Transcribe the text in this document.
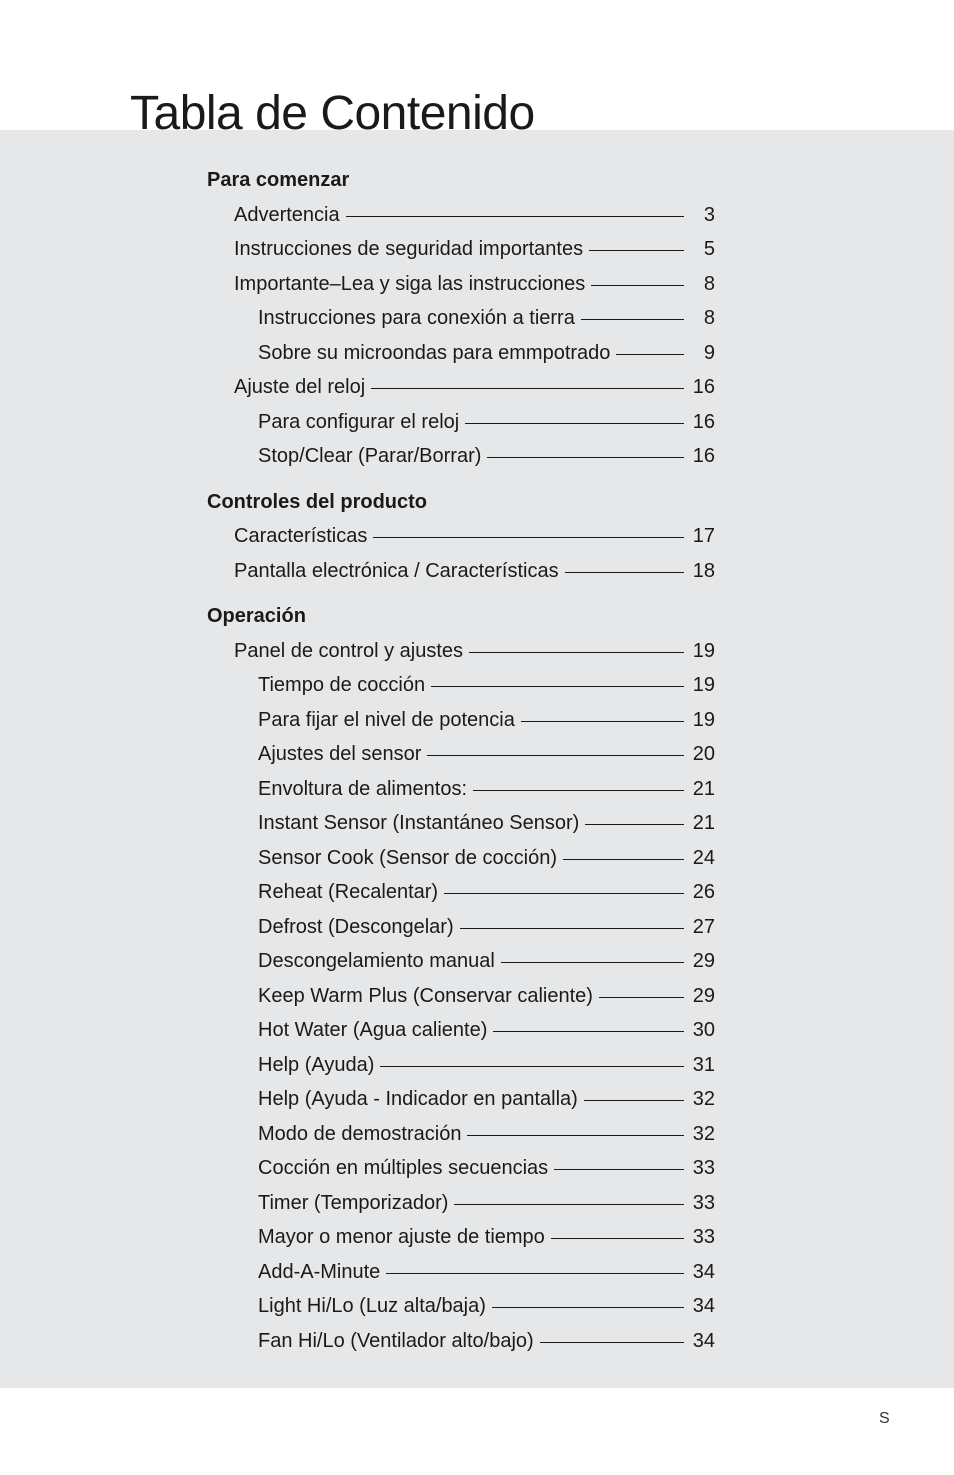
Tabla de Contenido
Para comenzar
Advertencia	3
Instrucciones de seguridad importantes	5
Importante–Lea y siga las instrucciones	8
Instrucciones para conexión a tierra	8
Sobre su microondas para emmpotrado	9
Ajuste del reloj	16
Para configurar el reloj	16
Stop/Clear (Parar/Borrar)	16
Controles del producto
Características	17
Pantalla electrónica / Características	18
Operación
Panel de control y ajustes	19
Tiempo de cocción	19
Para fijar el nivel de potencia	19
Ajustes del sensor	20
Envoltura de alimentos:	21
Instant Sensor (Instantáneo Sensor)	21
Sensor Cook (Sensor de cocción)	24
Reheat (Recalentar)	26
Defrost (Descongelar)	27
Descongelamiento manual	29
Keep Warm Plus (Conservar caliente)	29
Hot Water (Agua caliente)	30
Help (Ayuda)	31
Help (Ayuda - Indicador en pantalla)	32
Modo de demostración	32
Cocción en múltiples secuencias	33
Timer (Temporizador)	33
Mayor o menor ajuste de tiempo	33
Add-A-Minute	34
Light Hi/Lo (Luz alta/baja)	34
Fan Hi/Lo (Ventilador alto/bajo)	34
S
